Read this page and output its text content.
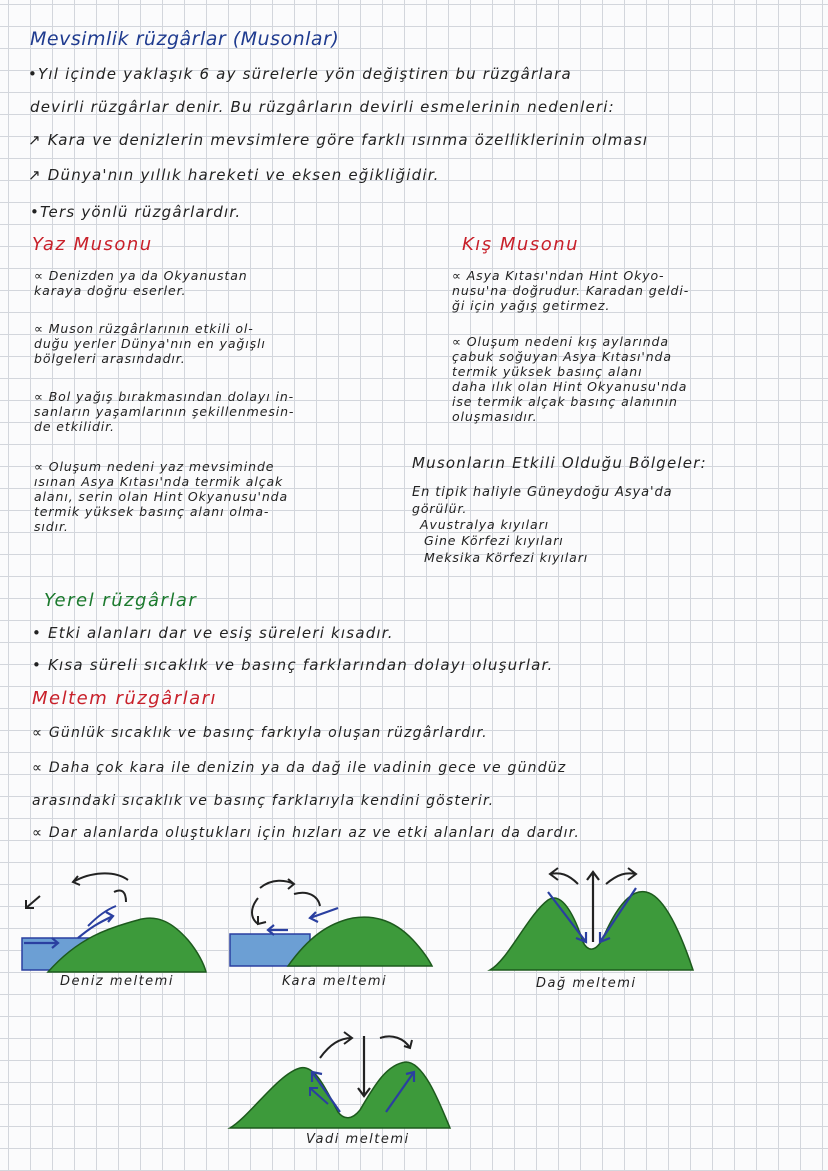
Mevsimlik rüzgârlar (Musonlar)
•Yıl içinde yaklaşık 6 ay sürelerle yön değiştiren bu rüzgârlara
devirli rüzgârlar denir. Bu rüzgârların devirli esmelerinin nedenleri:
↗ Kara ve denizlerin mevsimlere göre farklı ısınma özelliklerinin olması
↗ Dünya'nın yıllık hareketi ve eksen eğikliğidir.
•Ters yönlü rüzgârlardır.
Yaz Musonu
∝ Denizden ya da Okyanustan
karaya doğru eserler.
∝ Muson rüzgârlarının etkili ol-
duğu yerler Dünya'nın en yağışlı
bölgeleri arasındadır.
∝ Bol yağış bırakmasından dolayı in-
sanların yaşamlarının şekillenmesin-
de etkilidir.
∝ Oluşum nedeni yaz mevsiminde
ısınan Asya Kıtası'nda termik alçak
alanı, serin olan Hint Okyanusu'nda
termik yüksek basınç alanı olma-
sıdır.
Kış Musonu
∝ Asya Kıtası'ndan Hint Okyo-
nusu'na doğrudur. Karadan geldi-
ği için yağış getirmez.
∝ Oluşum nedeni kış aylarında
çabuk soğuyan Asya Kıtası'nda
termik yüksek basınç alanı
daha ılık olan Hint Okyanusu'nda
ise termik alçak basınç alanının
oluşmasıdır.
Musonların Etkili Olduğu Bölgeler:
En tipik haliyle Güneydoğu Asya'da
görülür.
Avustralya kıyıları
Gine Körfezi kıyıları
Meksika Körfezi kıyıları
Yerel rüzgârlar
• Etki alanları dar ve esiş süreleri kısadır.
• Kısa süreli sıcaklık ve basınç farklarından dolayı oluşurlar.
Meltem rüzgârları
∝ Günlük sıcaklık ve basınç farkıyla oluşan rüzgârlardır.
∝ Daha çok kara ile denizin ya da dağ ile vadinin gece ve gündüz
arasındaki sıcaklık ve basınç farklarıyla kendini gösterir.
∝ Dar alanlarda oluştukları için hızları az ve etki alanları da dardır.
Deniz meltemi	Kara meltemi	Dağ meltemi
Vadi meltemi
